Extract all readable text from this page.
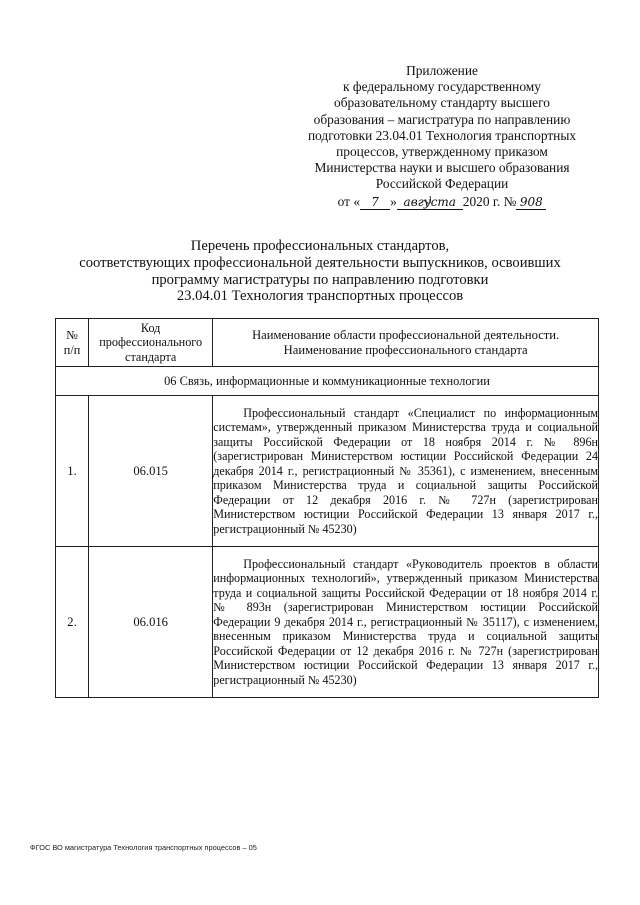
Приложение
к федеральному государственному
образовательному стандарту высшего
образования – магистратура по направлению
подготовки 23.04.01 Технология транспортных
процессов, утвержденному приказом
Министерства науки и высшего образования
Российской Федерации
от « 7 » августа 2020 г. № 908
Перечень профессиональных стандартов,
соответствующих профессиональной деятельности выпускников, освоивших
программу магистратуры по направлению подготовки
23.04.01 Технология транспортных процессов
№ п/п	Код профессионального стандарта	Наименование области профессиональной деятельности. Наименование профессионального стандарта

06 Связь, информационные и коммуникационные технологии		
1.	06.015	Профессиональный стандарт «Специалист по информационным системам», утвержденный приказом Министерства труда и социальной защиты Российской Федерации от 18 ноября 2014 г. № 896н (зарегистрирован Министерством юстиции Российской Федерации 24 декабря 2014 г., регистрационный № 35361), с изменением, внесенным приказом Министерства труда и социальной защиты Российской Федерации от 12 декабря 2016 г. № 727н (зарегистрирован Министерством юстиции Российской Федерации 13 января 2017 г., регистрационный № 45230)

2.	06.016	Профессиональный стандарт «Руководитель проектов в области информационных технологий», утвержденный приказом Министерства труда и социальной защиты Российской Федерации от 18 ноября 2014 г. № 893н (зарегистрирован Министерством юстиции Российской Федерации 9 декабря 2014 г., регистрационный № 35117), с изменением, внесенным приказом Министерства труда и социальной защиты Российской Федерации от 12 декабря 2016 г. № 727н (зарегистрирован Министерством юстиции Российской Федерации 13 января 2017 г., регистрационный № 45230)
ФГОС ВО магистратура Технология транспортных процессов – 05
